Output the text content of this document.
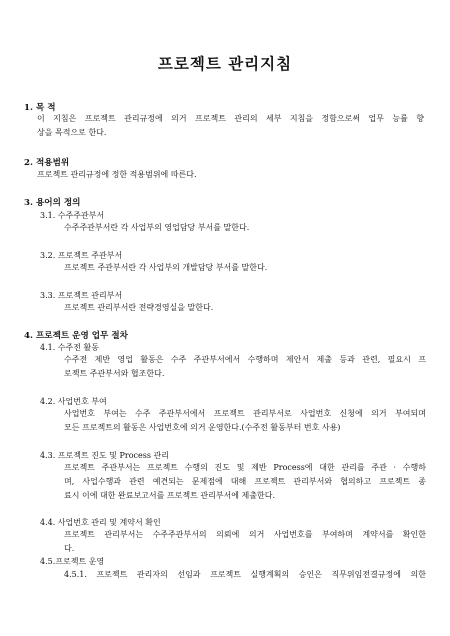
프로젝트 관리지침
1. 목 적
이 지침은 프로젝트 관리규정에 의거 프로젝트 관리의 세부 지침을 정함으로써 업무 능률 향
상을 목적으로 한다.
2. 적용범위
프로젝트 관리규정에 정한 적용범위에 따른다.
3. 용어의 정의
3.1. 수주주관부서
수주주관부서란 각 사업부의 영업담당 부서를 말한다.
3.2. 프로젝트 주관부서
프로젝트 주관부서란 각 사업부의 개발담당 부서를 말한다.
3.3. 프로젝트 관리부서
프로젝트 관리부서란 전략경영실을 말한다.
4. 프로젝트 운영 업무 절차
4.1. 수주전 활동
수주전 제반 영업 활동은 수주 주관부서에서 수행하며 제안서 제출 등과 관련, 필요시 프
로젝트 주관부서와 협조한다.
4.2. 사업번호 부여
사업번호 부여는 수주 주관부서에서 프로젝트 관리부서로 사업번호 신청에 의거 부여되며
모든 프로젝트의 활동은 사업번호에 의거 운영한다.(수주전 활동부터 번호 사용)
4.3. 프로젝트 진도 및 Process 관리
프로젝트 주관부서는 프로젝트 수행의 진도 및 제반 Process에 대한 관리를 주관 · 수행하
며, 사업수행과 관련 예견되는 문제점에 대해 프로젝트 관리부서와 협의하고 프로젝트 종
료시 이에 대한 완료보고서를 프로젝트 관리부서에 제출한다.
4.4. 사업번호 관리 및 계약서 확인
프로젝트 관리부서는 수주주관부서의 의뢰에 의거 사업번호를 부여하며 계약서를 확인한
다.
4.5.프로젝트 운영
4.5.1. 프로젝트 관리자의 선임과 프로젝트 실행계획의 승인은 직무위임전결규정에 의한
